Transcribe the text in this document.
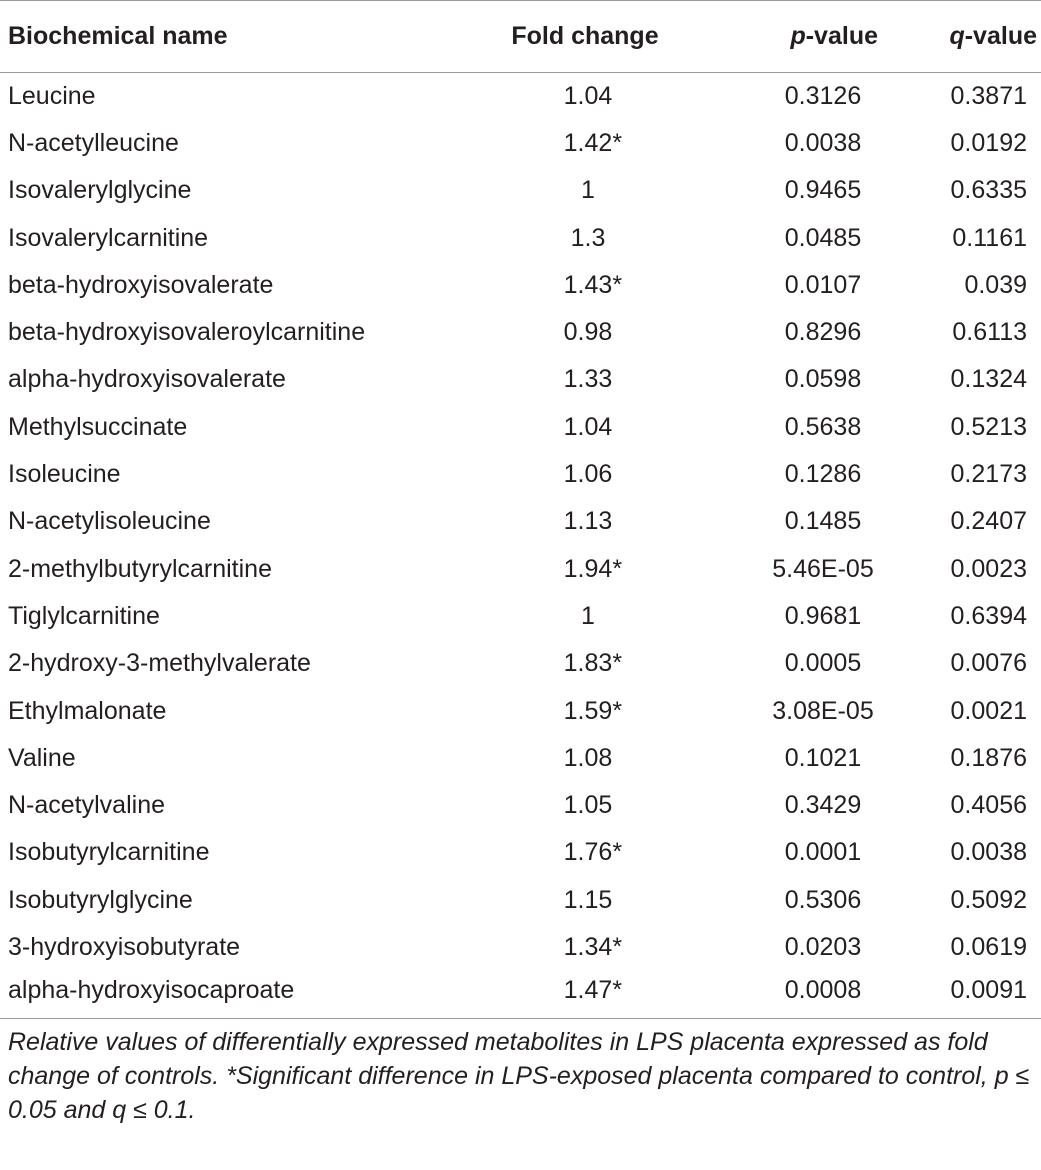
Biochemical name	Fold change	p-value	q-value
Leucine	1.04	0.3126	0.3871
N-acetylleucine	1.42 *	0.0038	0.0192
Isovalerylglycine	1	0.9465	0.6335
Isovalerylcarnitine	1.3	0.0485	0.1161
beta-hydroxyisovalerate	1.43 *	0.0107	0.039
beta-hydroxyisovaleroylcarnitine	0.98	0.8296	0.6113
alpha-hydroxyisovalerate	1.33	0.0598	0.1324
Methylsuccinate	1.04	0.5638	0.5213
Isoleucine	1.06	0.1286	0.2173
N-acetylisoleucine	1.13	0.1485	0.2407
2-methylbutyrylcarnitine	1.94 *	5.46E-05	0.0023
Tiglylcarnitine	1	0.9681	0.6394
2-hydroxy-3-methylvalerate	1.83 *	0.0005	0.0076
Ethylmalonate	1.59 *	3.08E-05	0.0021
Valine	1.08	0.1021	0.1876
N-acetylvaline	1.05	0.3429	0.4056
Isobutyrylcarnitine	1.76 *	0.0001	0.0038
Isobutyrylglycine	1.15	0.5306	0.5092
3-hydroxyisobutyrate	1.34 *	0.0203	0.0619
alpha-hydroxyisocaproate	1.47 *	0.0008	0.0091
Relative values of differentially expressed metabolites in LPS placenta expressed as fold change of controls. *Significant difference in LPS-exposed placenta compared to control, p ≤ 0.05 and q ≤ 0.1.
